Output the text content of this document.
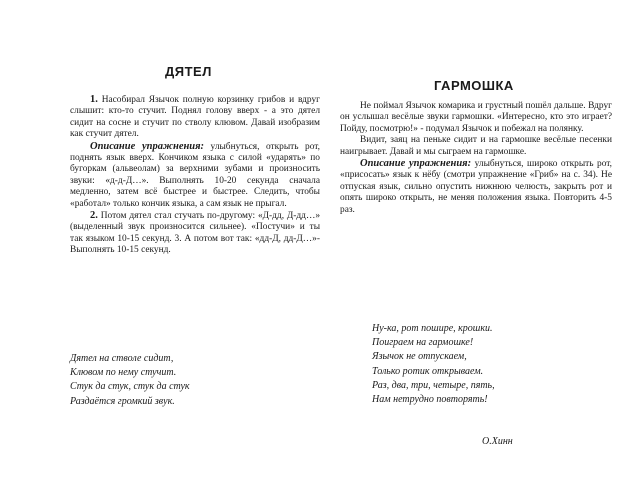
ДЯТЕЛ

1. Насобирал Язычок полную корзинку грибов и вдруг слышит: кто-то стучит. Поднял голову вверх - а это дятел сидит на сосне и стучит по стволу клювом. Давай изобразим как стучит дятел.

Описание упражнения: улыбнуться, открыть рот, поднять язык вверх. Кончиком языка с силой «ударять» по бугоркам (альвеолам) за верхними зубами и произносить звуки: «д-д-Д…». Выполнять 10-20 секунда сначала медленно, затем всё быстрее и быстрее. Следить, чтобы «работал» только кончик языка, а сам язык не прыгал.

2. Потом дятел стал стучать по-другому: «Д-дд, Д-дд…» (выделенный звук произносится сильнее). «Постучи» и ты так языком 10-15 секунд. 3. А потом вот так: «дд-Д, дд-Д…»- Выполнять 10-15 секунд.

Дятел на стволе сидит,
Клювом по нему стучит.
Стук да стук, стук да стук
Раздаётся громкий звук.
ГАРМОШКА

Не поймал Язычок комарика и грустный пошёл дальше. Вдруг он услышал весёлые звуки гармошки. «Интересно, кто это играет? Пойду, посмотрю!» - подумал Язычок и побежал на полянку.

Видит, заяц на пеньке сидит и на гармошке весёлые песенки наигрывает. Давай и мы сыграем на гармошке.

Описание упражнения: улыбнуться, широко открыть рот, «присосать» язык к нёбу (смотри упражнение «Гриб» на с. 34). Не отпуская язык, сильно опустить нижнюю челюсть, закрыть рот и опять широко открыть, не меняя положения языка. Повторить 4-5 раз.

Ну-ка, рот пошире, крошки.
Поиграем на гармошке!
Язычок не отпускаем,
Только ротик открываем.
Раз, два, три, четыре, пять,
Нам нетрудно повторять!
О.Хинн
